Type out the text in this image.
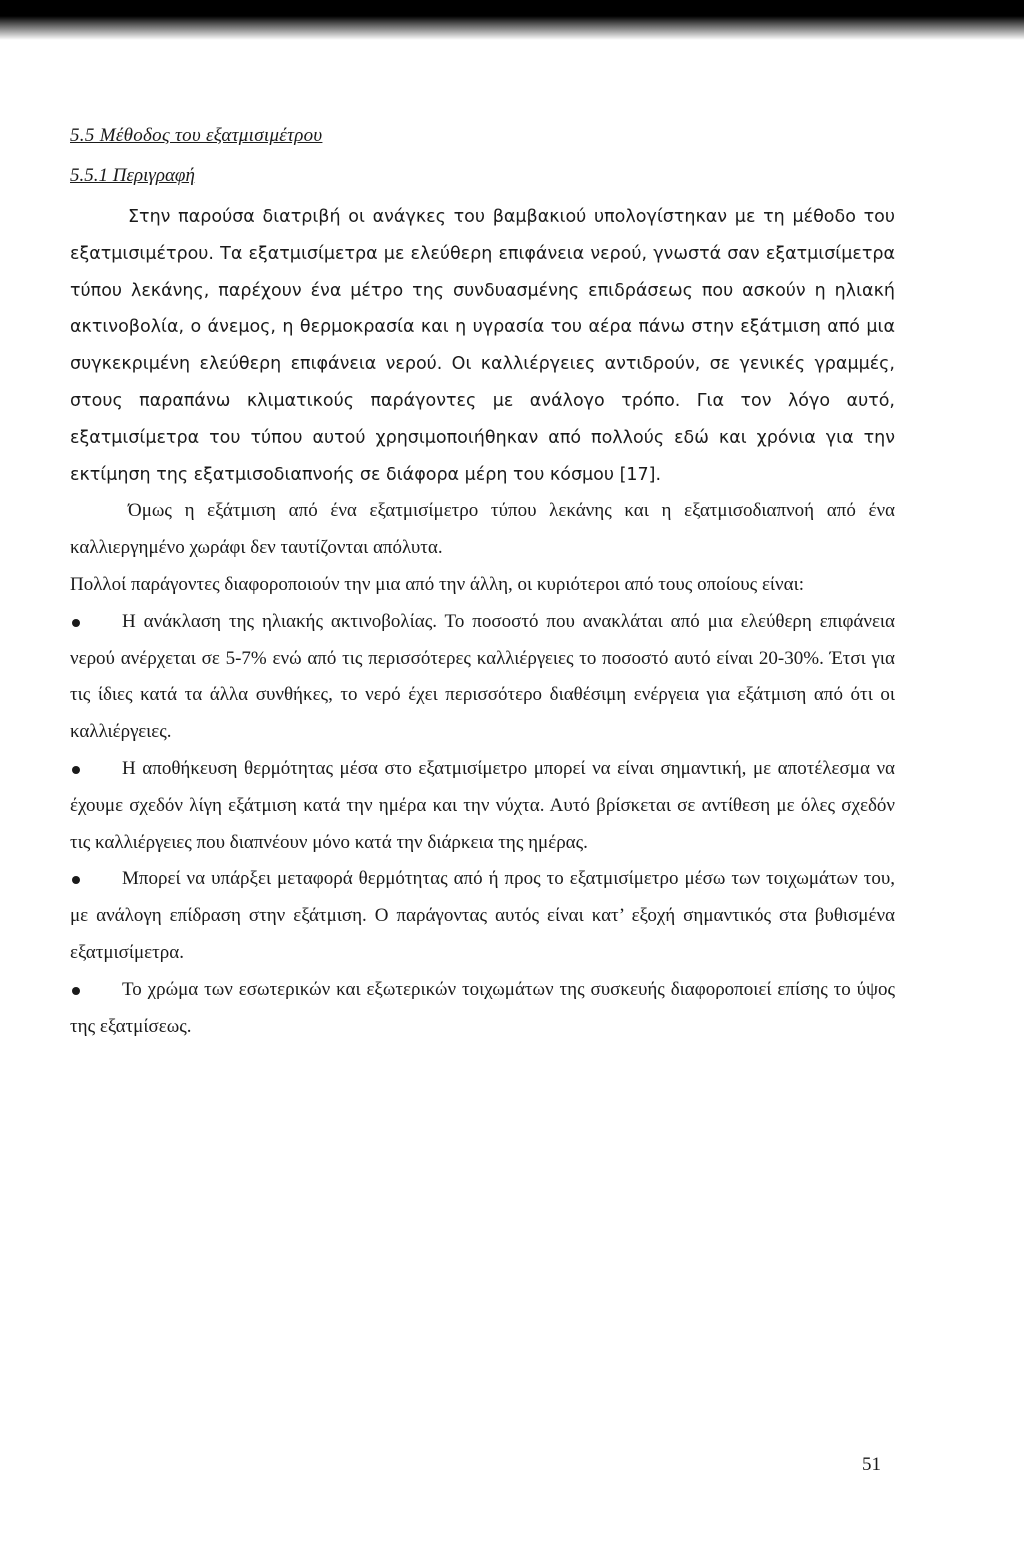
5.5 Μέθοδος του εξατμισιμέτρου
5.5.1 Περιγραφή

Στην παρούσα διατριβή οι ανάγκες του βαμβακιού υπολογίστηκαν με τη μέθοδο του εξατμισιμέτρου. Τα εξατμισίμετρα με ελεύθερη επιφάνεια νερού, γνωστά σαν εξατμισίμετρα τύπου λεκάνης, παρέχουν ένα μέτρο της συνδυασμένης επιδράσεως που ασκούν η ηλιακή ακτινοβολία, ο άνεμος, η θερμοκρασία και η υγρασία του αέρα πάνω στην εξάτμιση από μια συγκεκριμένη ελεύθερη επιφάνεια νερού. Οι καλλιέργειες αντιδρούν, σε γενικές γραμμές, στους παραπάνω κλιματικούς παράγοντες με ανάλογο τρόπο. Για τον λόγο αυτό, εξατμισίμετρα του τύπου αυτού χρησιμοποιήθηκαν από πολλούς εδώ και χρόνια για την εκτίμηση της εξατμισοδιαπνοής σε διάφορα μέρη του κόσμου [17].

Όμως η εξάτμιση από ένα εξατμισίμετρο τύπου λεκάνης και η εξατμισοδιαπνοή από ένα καλλιεργημένο χωράφι δεν ταυτίζονται απόλυτα.

Πολλοί παράγοντες διαφοροποιούν την μια από την άλλη, οι κυριότεροι από τους οποίους είναι:

Η ανάκλαση της ηλιακής ακτινοβολίας. Το ποσοστό που ανακλάται από μια ελεύθερη επιφάνεια νερού ανέρχεται σε 5-7% ενώ από τις περισσότερες καλλιέργειες το ποσοστό αυτό είναι 20-30%. Έτσι για τις ίδιες κατά τα άλλα συνθήκες, το νερό έχει περισσότερο διαθέσιμη ενέργεια για εξάτμιση από ότι οι καλλιέργειες.
Η αποθήκευση θερμότητας μέσα στο εξατμισίμετρο μπορεί να είναι σημαντική, με αποτέλεσμα να έχουμε σχεδόν λίγη εξάτμιση κατά την ημέρα και την νύχτα. Αυτό βρίσκεται σε αντίθεση με όλες σχεδόν τις καλλιέργειες που διαπνέουν μόνο κατά την διάρκεια της ημέρας.
Μπορεί να υπάρξει μεταφορά θερμότητας από ή προς το εξατμισίμετρο μέσω των τοιχωμάτων του, με ανάλογη επίδραση στην εξάτμιση. Ο παράγοντας αυτός είναι κατ’ εξοχή σημαντικός στα βυθισμένα εξατμισίμετρα.
Το χρώμα των εσωτερικών και εξωτερικών τοιχωμάτων της συσκευής διαφοροποιεί επίσης το ύψος της εξατμίσεως.
51
